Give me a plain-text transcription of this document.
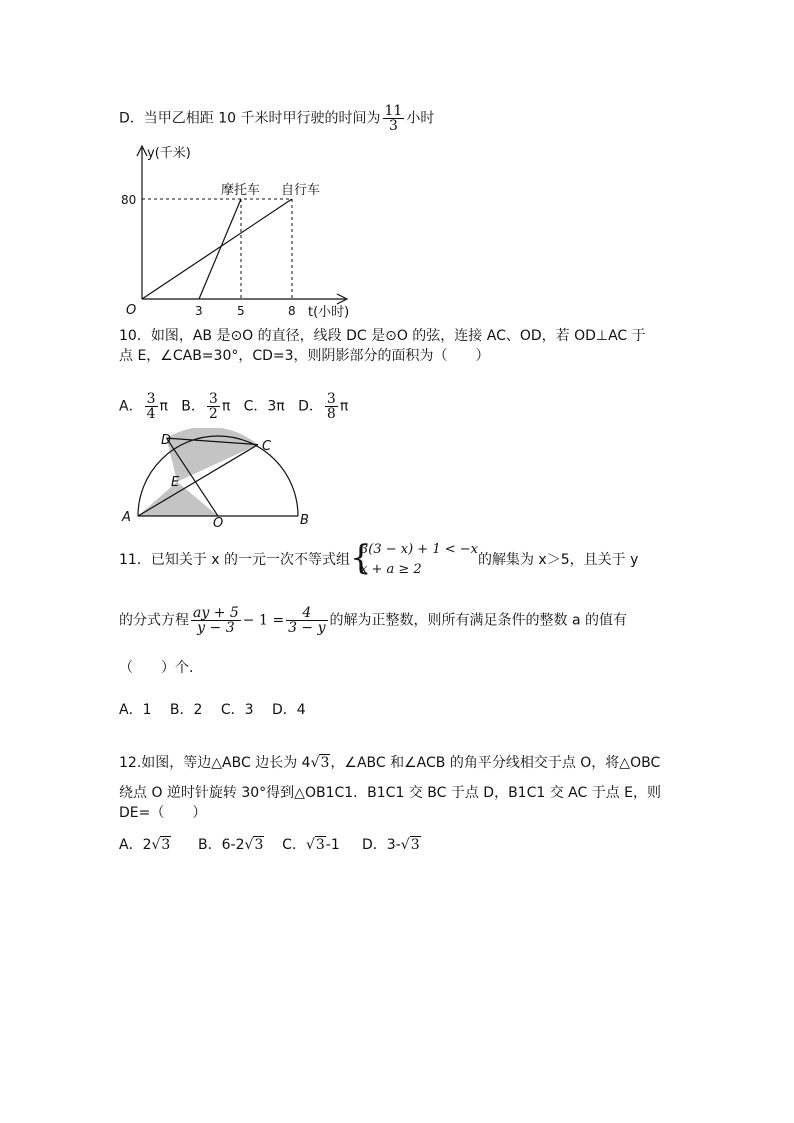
D．当甲乙相距 10 千米时甲行驶的时间为 $\frac{11}{3}$ 小时
y(千米)
O
80
3	5	8 t(小时)
摩托车 自行车
10．如图，AB 是⊙O 的直径，线段 DC 是⊙O 的弦，连接 AC、OD，若 OD⊥AC 于
点 E，∠CAB=30°，CD=3，则阴影部分的面积为（　　）
A． $\frac{3}{4}$ π B． $\frac{3}{2}$ π C．3π D． $\frac{3}{8}$ π
A	B
C
D
E
O
11．已知关于 x 的一元一次不等式组 {
3(3 − x) + 1 < −x
x + a ≥ 2
的解集为 x＞5，且关于 y
的分式方程 $\frac{ay + 5}{y - 3} - 1 = \frac{4}{3 - y}$ 的解为正整数，则所有满足条件的整数 a 的值有
（　　）个.
A．1　 B．2　 C．3　 D．4
12.如图，等边△ABC 边长为 4√3，∠ABC 和∠ACB 的角平分线相交于点 O，将△OBC
绕点 O 逆时针旋转 30°得到△OB1C1．B1C1 交 BC 于点 D，B1C1 交 AC 于点 E，则
DE=（　　）
A．2√3 B．6-2√3 C．√3-1 D．3-√3
